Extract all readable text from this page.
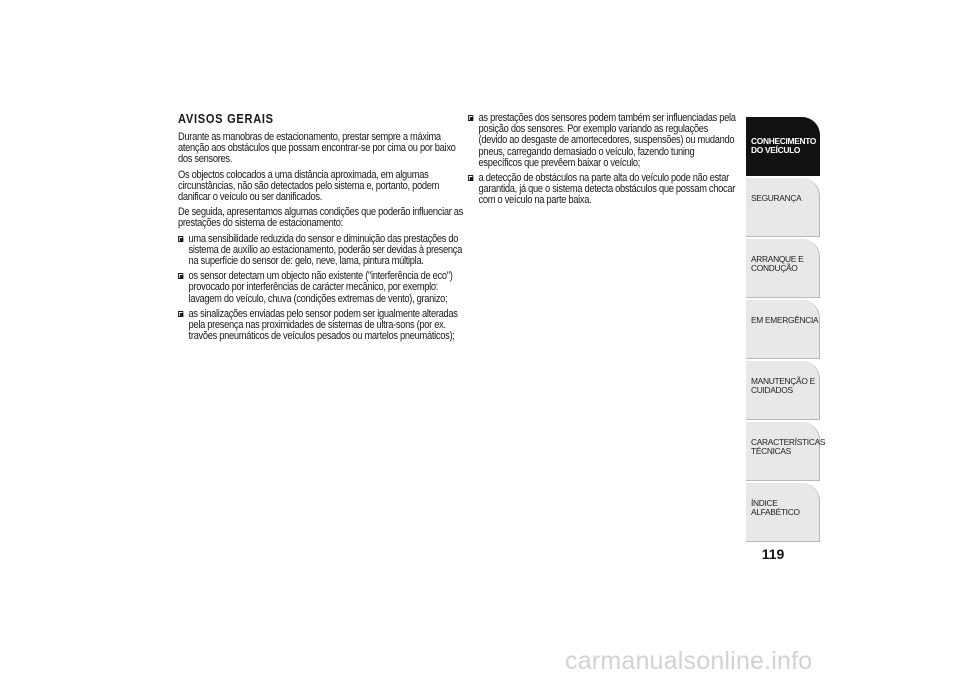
AVISOS GERAIS
Durante as manobras de estacionamento, prestar sempre a máxima atenção aos obstáculos que possam encontrar-se por cima ou por baixo dos sensores.
Os objectos colocados a uma distância aproximada, em algumas circunstâncias, não são detectados pelo sistema e, portanto, podem danificar o veículo ou ser danificados.
De seguida, apresentamos algumas condições que poderão influenciar as prestações do sistema de estacionamento:
uma sensibilidade reduzida do sensor e diminuição das prestações do sistema de auxílio ao estacionamento, poderão ser devidas à presença na superfície do sensor de: gelo, neve, lama, pintura múltipla.
os sensor detectam um objecto não existente ("interferência de eco") provocado por interferências de carácter mecânico, por exemplo: lavagem do veículo, chuva (condições extremas de vento), granizo;
as sinalizações enviadas pelo sensor podem ser igualmente alteradas pela presença nas proximidades de sistemas de ultra-sons (por ex. travões pneumáticos de veículos pesados ou martelos pneumáticos);
as prestações dos sensores podem também ser influenciadas pela posição dos sensores. Por exemplo variando as regulações (devido ao desgaste de amortecedores, suspensões) ou mudando pneus, carregando demasiado o veículo, fazendo tuning específicos que prevêem baixar o veículo;
a detecção de obstáculos na parte alta do veículo pode não estar garantida, já que o sistema detecta obstáculos que possam chocar com o veículo na parte baixa.
CONHECIMENTO
DO VEÍCULO
SEGURANÇA
ARRANQUE E
CONDUÇÃO
EM EMERGÊNCIA
MANUTENÇÃO E
CUIDADOS
CARACTERÍSTICAS
TÉCNICAS
ÍNDICE ALFABÉTICO
119
carmanualsonline.info
